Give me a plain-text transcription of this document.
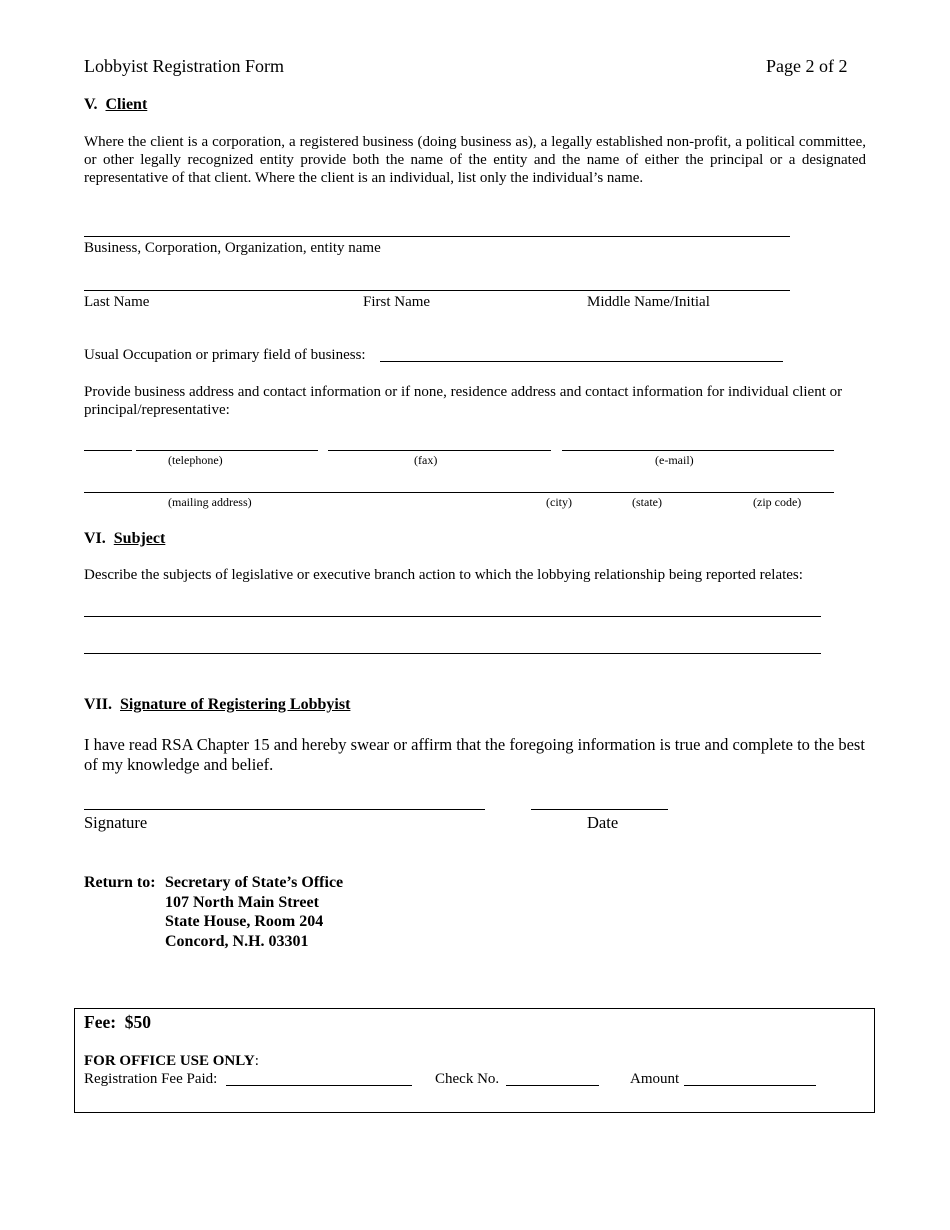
Lobbyist Registration Form	Page 2 of 2
V. Client
Where the client is a corporation, a registered business (doing business as), a legally established non-profit, a political committee, or other legally recognized entity provide both the name of the entity and the name of either the principal or a designated representative of that client. Where the client is an individual, list only the individual’s name.
Business, Corporation, Organization, entity name
Last Name	First Name	Middle Name/Initial
Usual Occupation or primary field of business:
Provide business address and contact information or if none, residence address and contact information for individual client or principal/representative:
(telephone)	(fax)	(e-mail)
(mailing address)	(city)	(state)	(zip code)
VI. Subject
Describe the subjects of legislative or executive branch action to which the lobbying relationship being reported relates:
VII. Signature of Registering Lobbyist
I have read RSA Chapter 15 and hereby swear or affirm that the foregoing information is true and complete to the best of my knowledge and belief.
Signature	Date
Return to: Secretary of State’s Office
107 North Main Street
State House, Room 204
Concord, N.H. 03301
Fee:  $50
FOR OFFICE USE ONLY:
Registration Fee Paid:	Check No.	Amount
